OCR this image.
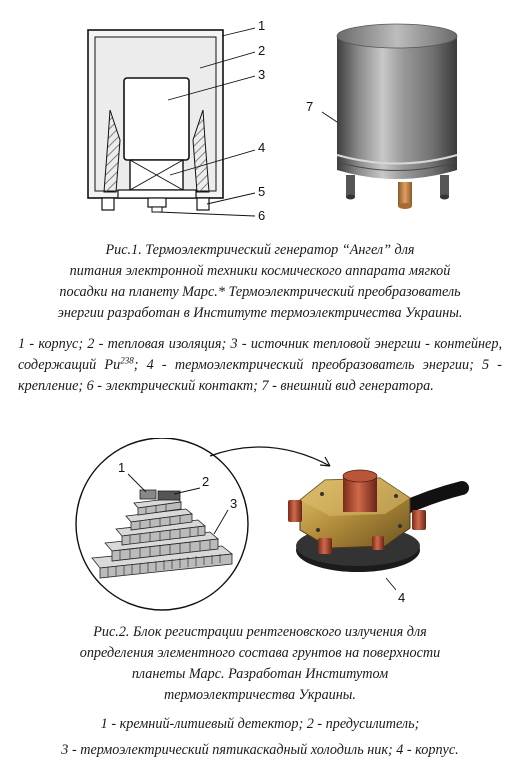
1
2
3
4
5
6
7
Рис.1. Термоэлектрический генератор “Ангел” для
питания электронной техники космического аппарата мягкой
посадки на планету Марс.* Термоэлектрический преобразователь
энергии разработан в Институте термоэлектричества Украины.
1 - корпус; 2 - тепловая изоляция; 3 - источник тепловой энергии - контейнер, содержащий Pu$^{238}$; 4 - термоэлектрический преобразователь энергии; 5 - крепление; 6 - электрический контакт; 7 - внешний вид генератора.
1
2
3
4
Рис.2. Блок регистрации рентгеновского излучения для
определения элементного состава грунтов на поверхности
планеты Марс. Разработан Институтом
термоэлектричества Украины.
1 - кремний-литиевый детектор; 2 - предусилитель;
3 - термоэлектрический пятикаскадный холодиль ник; 4 - корпус.
